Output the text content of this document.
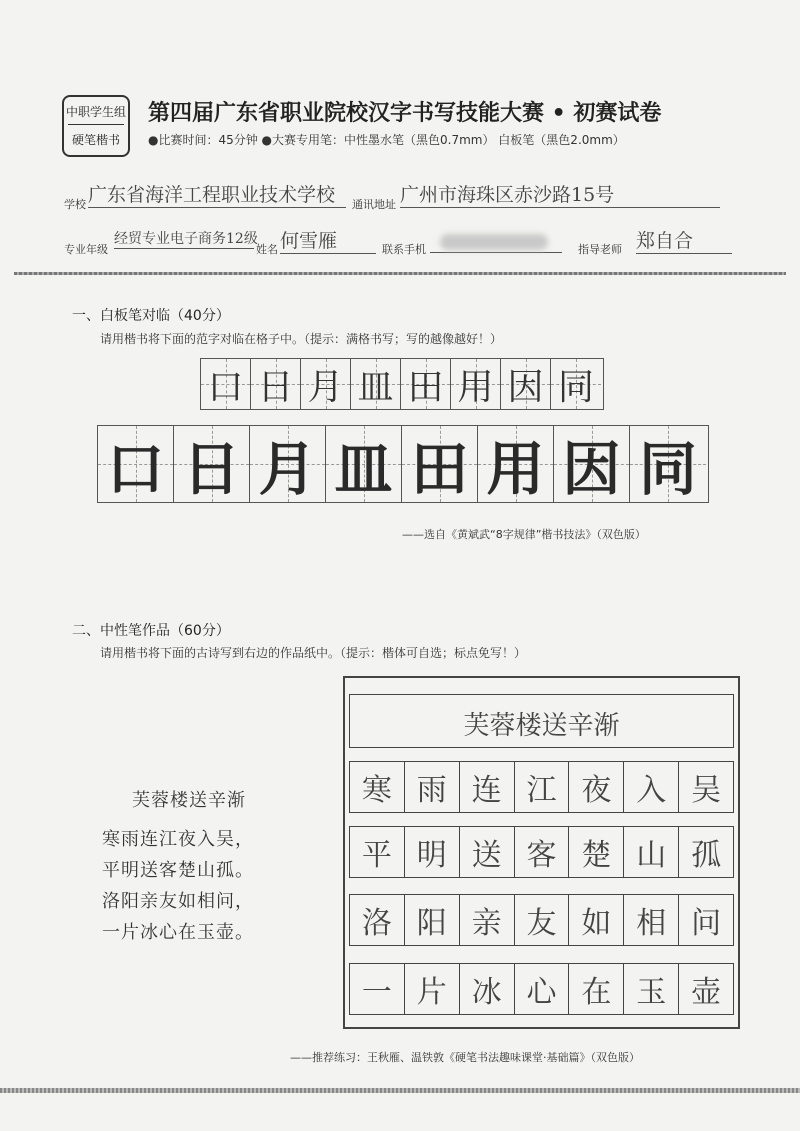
中职学生组
硬笔楷书
第四届广东省职业院校汉字书写技能大赛 • 初赛试卷
●比赛时间：45分钟 ●大赛专用笔：中性墨水笔（黑色0.7mm） 白板笔（黑色2.0mm）
学校 广东省海洋工程职业技术学校	通讯地址 广州市海珠区赤沙路15号
专业年级
经贸专业电子商务12级
姓名 何雪雁	联系手机	指导老师 郑自合
一、白板笔对临（40分）
请用楷书将下面的范字对临在格子中。（提示：满格书写；写的越像越好！）
口 日 月 皿 田 用 因 同
口 日 月 皿 田 用 因 同
——选自《黄斌武“8字规律”楷书技法》（双色版）
二、中性笔作品（60分）
请用楷书将下面的古诗写到右边的作品纸中。（提示：楷体可自选；标点免写！）
芙蓉楼送辛渐
寒雨连江夜入吴，
平明送客楚山孤。
洛阳亲友如相问，
一片冰心在玉壶。
芙蓉楼送辛渐
寒 雨 连 江 夜 入 吴
平 明 送 客 楚 山 孤
洛 阳 亲 友 如 相 问
一 片 冰 心 在 玉 壶
——推荐练习：王秋雁、温铁敦《硬笔书法趣味课堂·基础篇》（双色版）
